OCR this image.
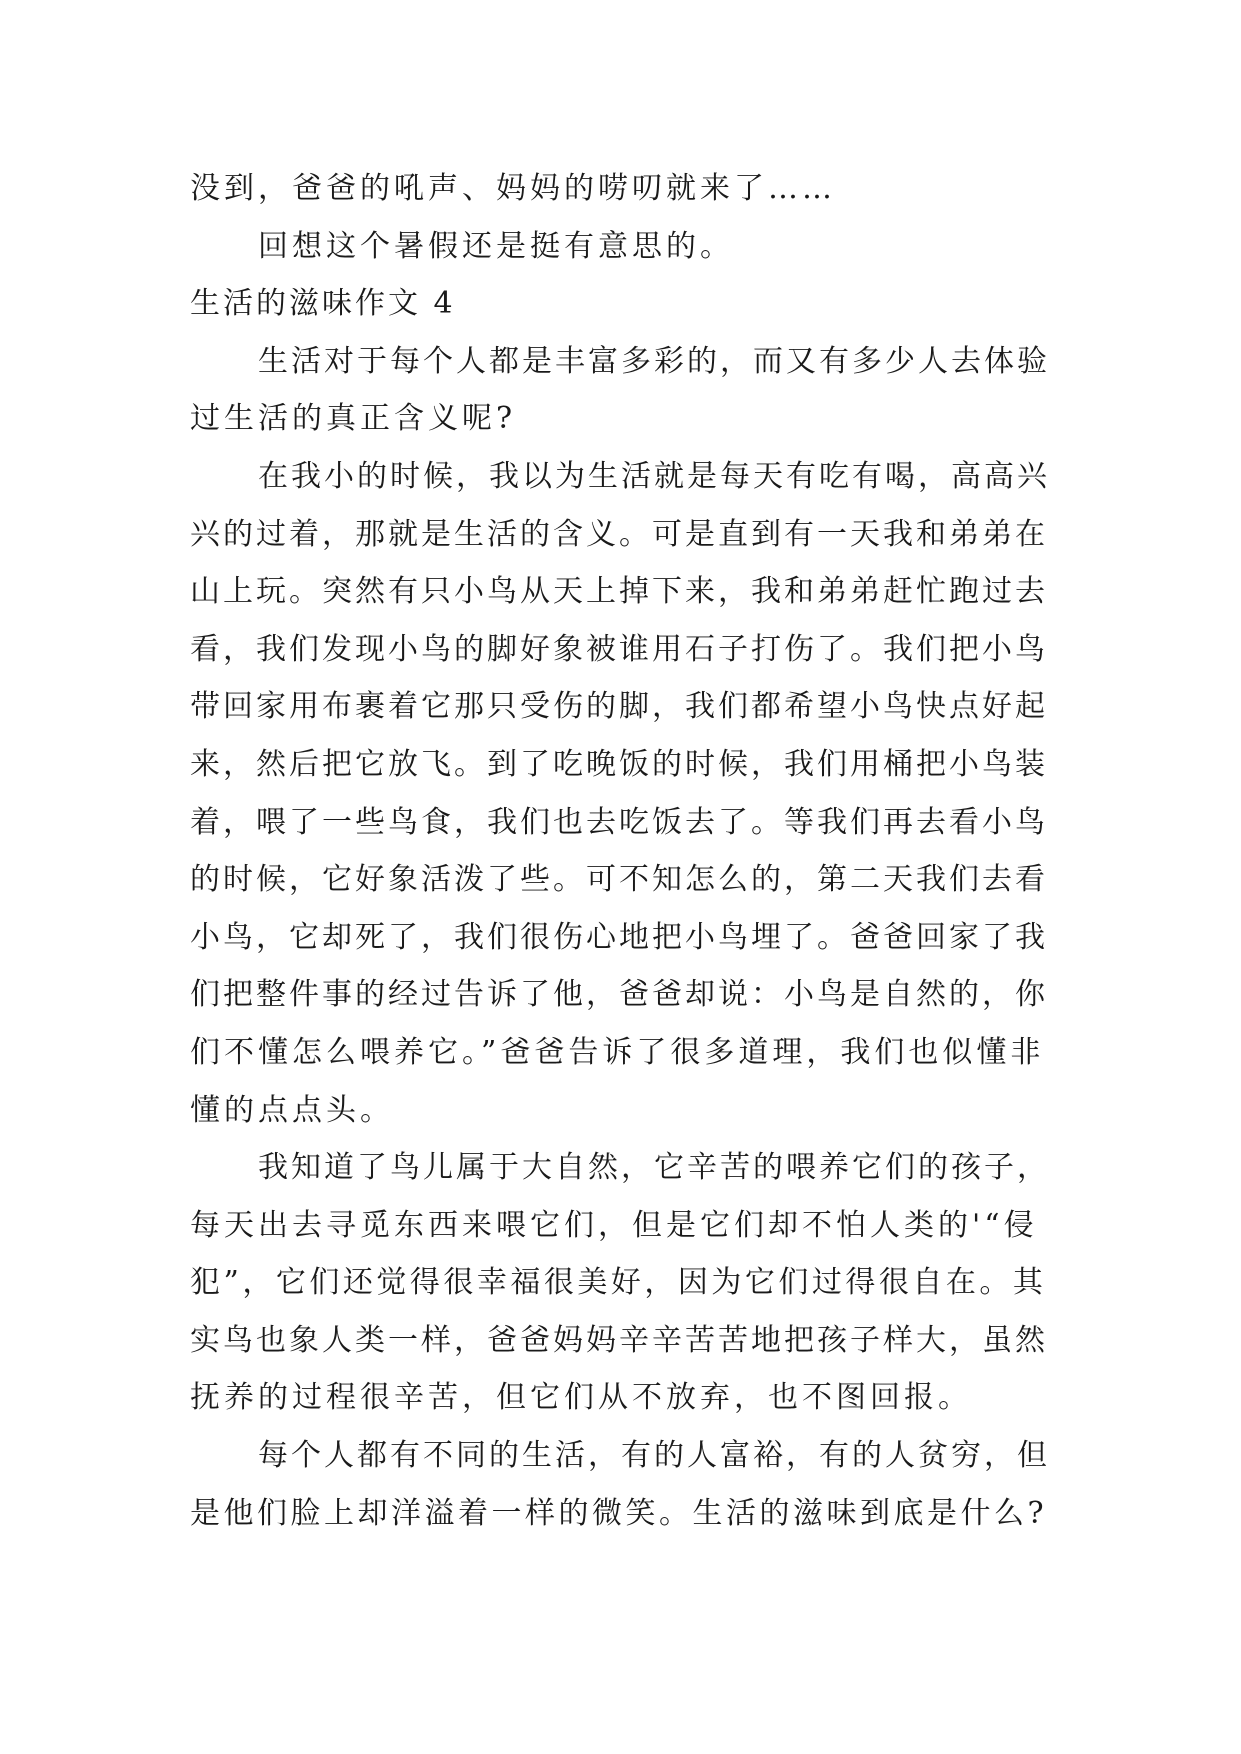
没到，爸爸的吼声、妈妈的唠叨就来了……
回想这个暑假还是挺有意思的。
生活的滋味作文 4
生活对于每个人都是丰富多彩的，而又有多少人去体验
过生活的真正含义呢?
在我小的时候，我以为生活就是每天有吃有喝，高高兴
兴的过着，那就是生活的含义。可是直到有一天我和弟弟在
山上玩。突然有只小鸟从天上掉下来，我和弟弟赶忙跑过去
看，我们发现小鸟的脚好象被谁用石子打伤了。我们把小鸟
带回家用布裹着它那只受伤的脚，我们都希望小鸟快点好起
来，然后把它放飞。到了吃晚饭的时候，我们用桶把小鸟装
着，喂了一些鸟食，我们也去吃饭去了。等我们再去看小鸟
的时候，它好象活泼了些。可不知怎么的，第二天我们去看
小鸟，它却死了，我们很伤心地把小鸟埋了。爸爸回家了我
们把整件事的经过告诉了他，爸爸却说：小鸟是自然的，你
们不懂怎么喂养它。”爸爸告诉了很多道理，我们也似懂非
懂的点点头。
我知道了鸟儿属于大自然，它辛苦的喂养它们的孩子，
每天出去寻觅东西来喂它们，但是它们却不怕人类的'“侵
犯”，它们还觉得很幸福很美好，因为它们过得很自在。其
实鸟也象人类一样，爸爸妈妈辛辛苦苦地把孩子样大，虽然
抚养的过程很辛苦，但它们从不放弃，也不图回报。
每个人都有不同的生活，有的人富裕，有的人贫穷，但
是他们脸上却洋溢着一样的微笑。生活的滋味到底是什么?
